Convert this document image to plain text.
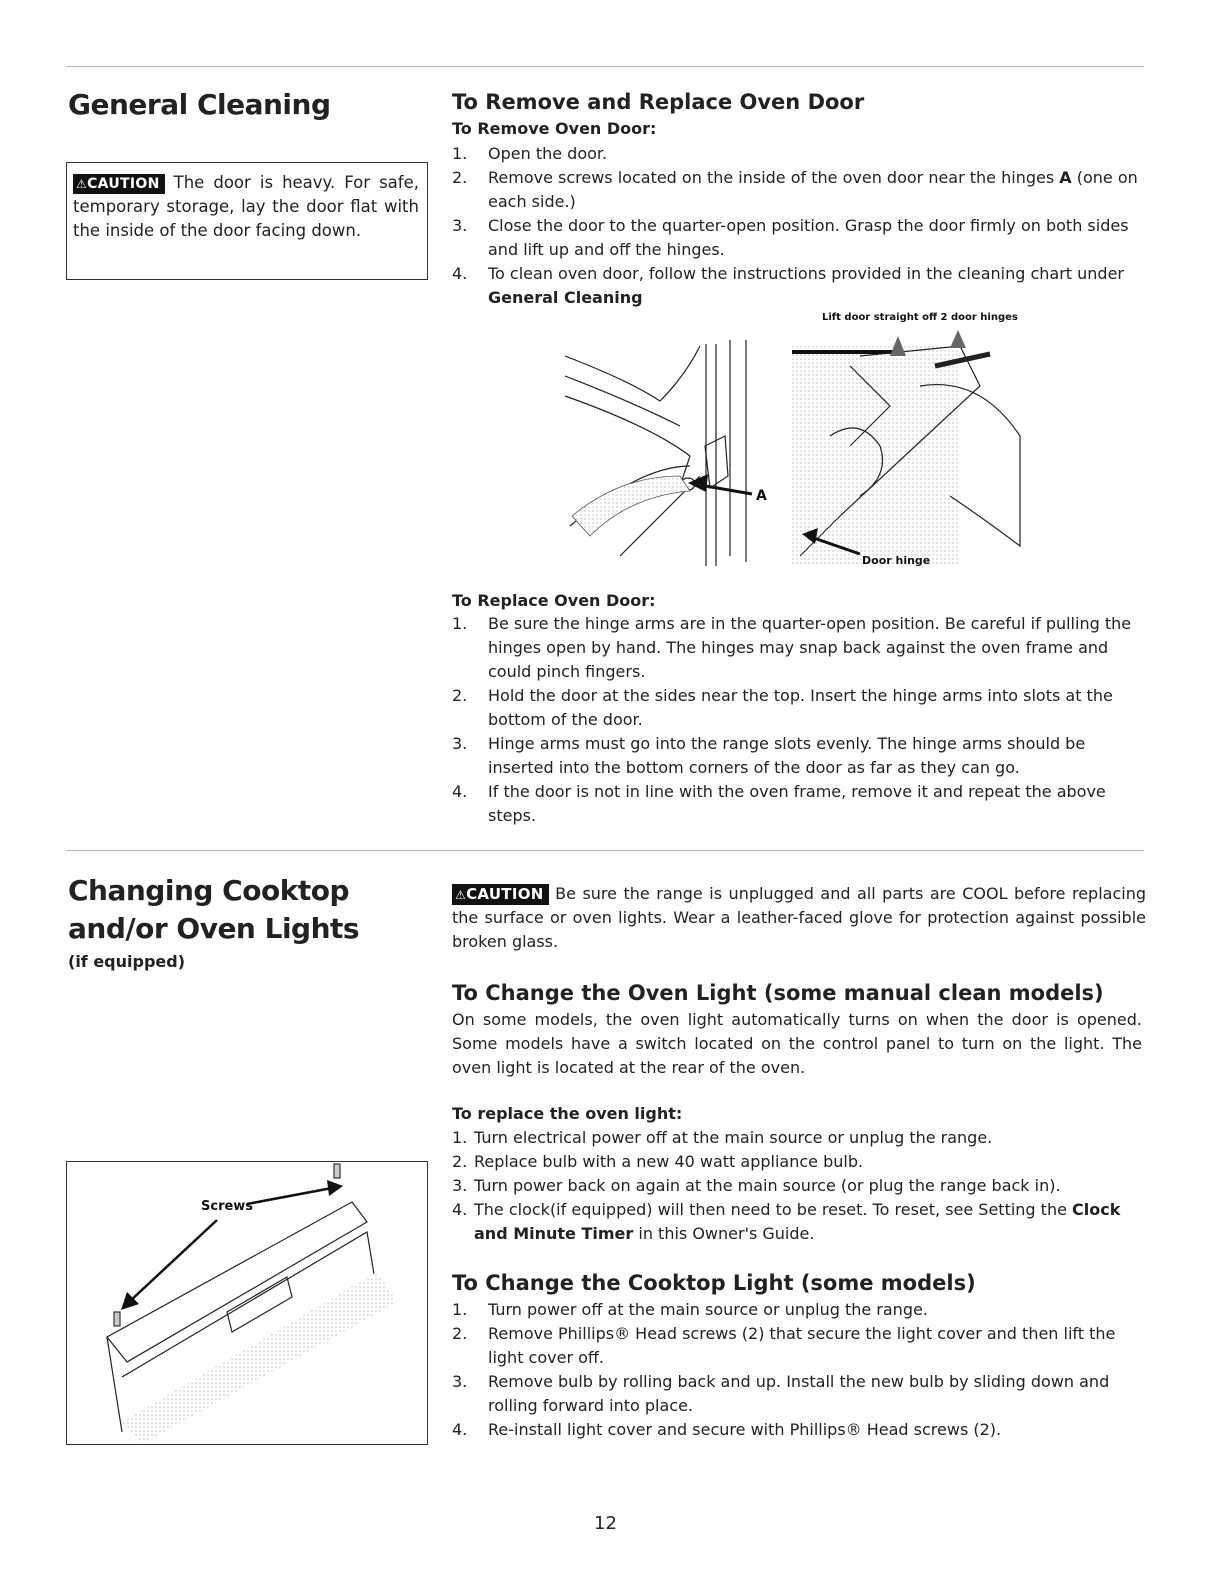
General Cleaning
⚠CAUTION The door is heavy. For safe, temporary storage, lay the door flat with the inside of the door facing down.
To Remove and Replace Oven Door
To Remove Oven Door:
1. Open the door.
2. Remove screws located on the inside of the oven door near the hinges A (one on each side.)
3. Close the door to the quarter-open position. Grasp the door firmly on both sides and lift up and off the hinges.
4. To clean oven door, follow the instructions provided in the cleaning chart under General Cleaning
Lift door straight off 2 door hinges
A
Door hinge
To Replace Oven Door:
1. Be sure the hinge arms are in the quarter-open position. Be careful if pulling the hinges open by hand. The hinges may snap back against the oven frame and could pinch fingers.
2. Hold the door at the sides near the top. Insert the hinge arms into slots at the bottom of the door.
3. Hinge arms must go into the range slots evenly. The hinge arms should be inserted into the bottom corners of the door as far as they can go.
4. If the door is not in line with the oven frame, remove it and repeat the above steps.
Changing Cooktop
and/or Oven Lights
(if equipped)
Screws
⚠CAUTION Be sure the range is unplugged and all parts are COOL before replacing the surface or oven lights. Wear a leather-faced glove for protection against possible broken glass.
To Change the Oven Light (some manual clean models)
On some models, the oven light automatically turns on when the door is opened. Some models have a switch located on the control panel to turn on the light. The oven light is located at the rear of the oven.
To replace the oven light:
1. Turn electrical power off at the main source or unplug the range.
2. Replace bulb with a new 40 watt appliance bulb.
3. Turn power back on again at the main source (or plug the range back in).
4. The clock(if equipped) will then need to be reset. To reset, see Setting the Clock and Minute Timer in this Owner's Guide.
To Change the Cooktop Light (some models)
1. Turn power off at the main source or unplug the range.
2. Remove Phillips® Head screws (2) that secure the light cover and then lift the light cover off.
3. Remove bulb by rolling back and up. Install the new bulb by sliding down and rolling forward into place.
4. Re-install light cover and secure with Phillips® Head screws (2).
12
